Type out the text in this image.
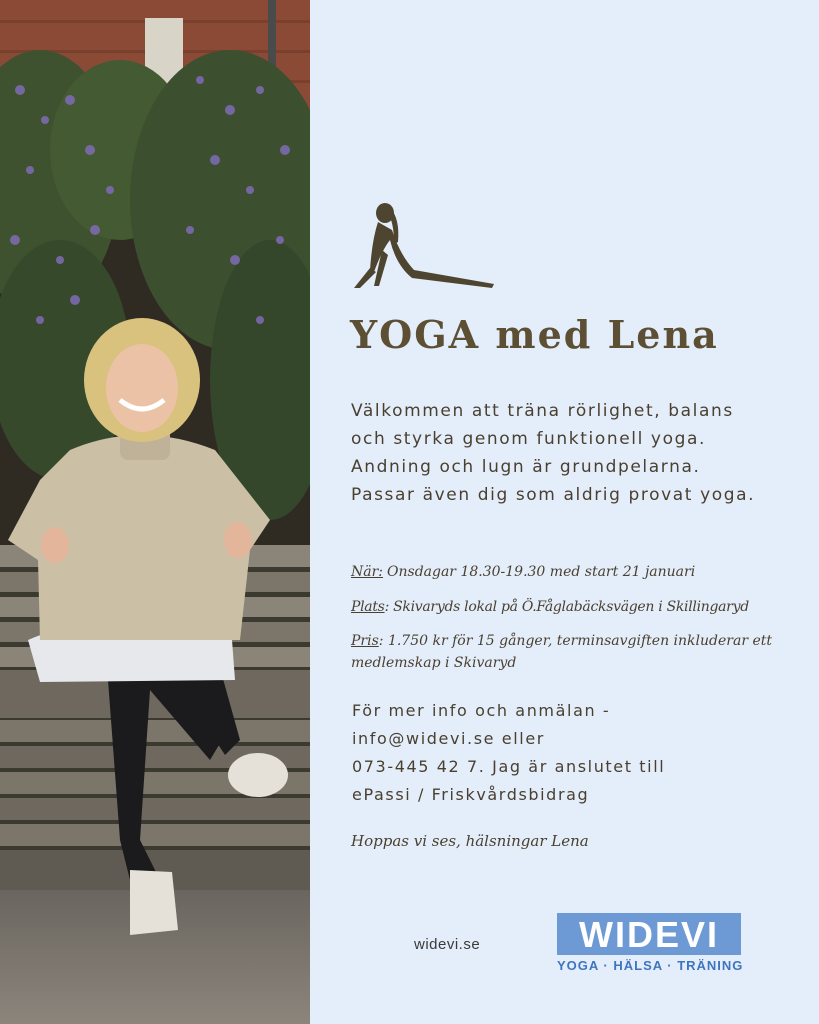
YOGA med Lena

Välkommen att träna rörlighet, balans och styrka genom funktionell yoga. Andning och lugn är grundpelarna. Passar även dig som aldrig provat yoga.

När: Onsdagar 18.30-19.30 med start 21 januari

Plats: Skivaryds lokal på Ö.Fåglabäcksvägen i Skillingaryd

Pris: 1.750 kr för 15 gånger, terminsavgiften inkluderar ett medlemskap i Skivaryd

För mer info och anmälan -
info@widevi.se eller
073-445 42 7. Jag är anslutet till
ePassi / Friskvårdsbidrag

Hoppas vi ses, hälsningar Lena

widevi.se	WIDEVI
YOGA · HÄLSA · TRÄNING
